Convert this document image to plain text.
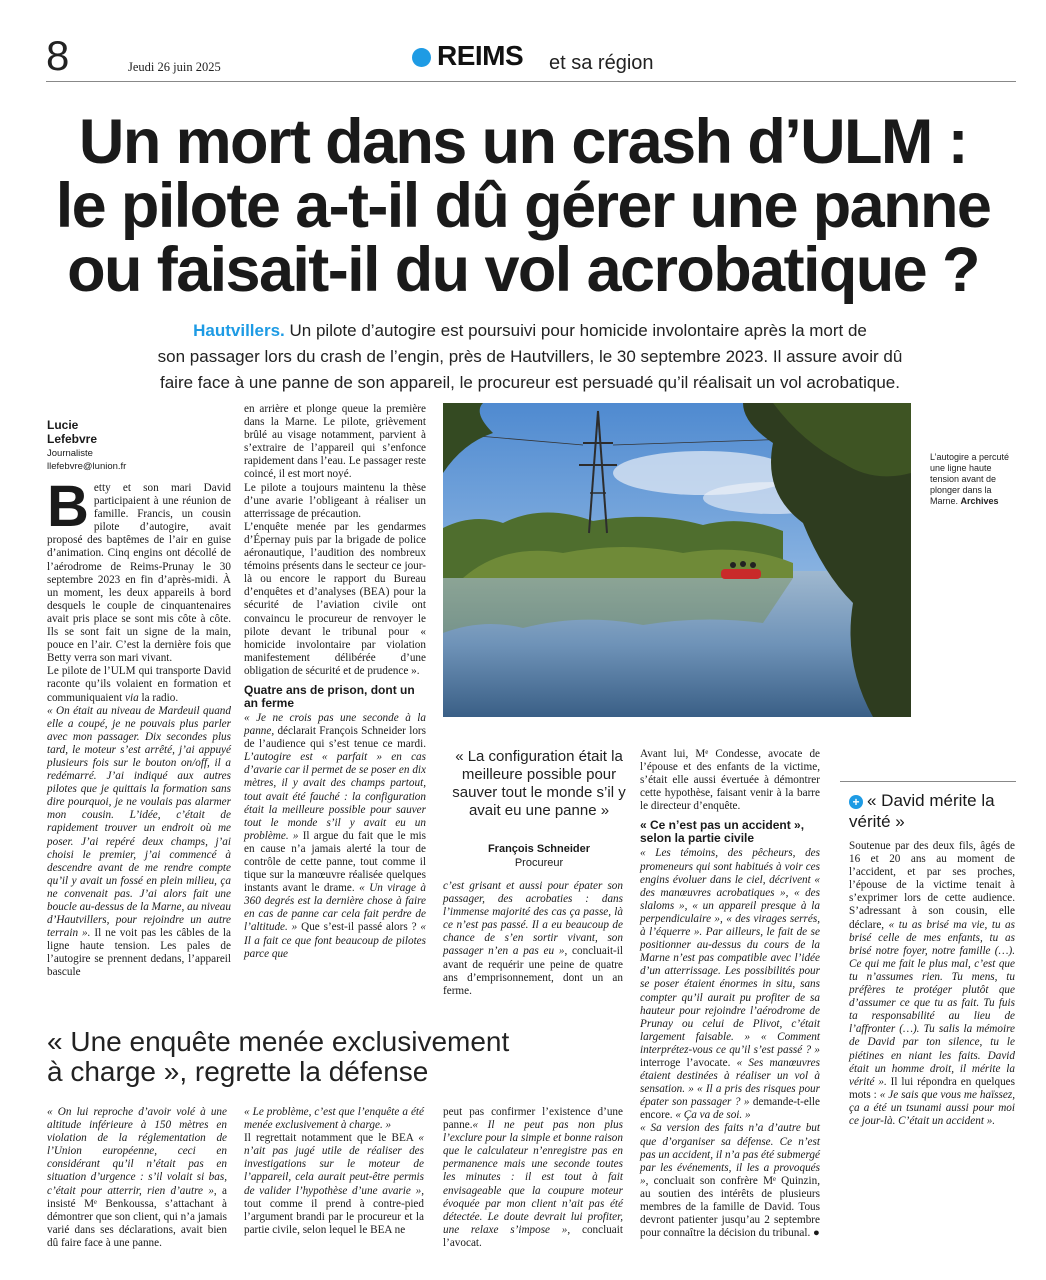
8	Jeudi 26 juin 2025	REIMS et sa région
Un mort dans un crash d’ULM :
le pilote a-t-il dû gérer une panne
ou faisait-il du vol acrobatique ?
Hautvillers. Un pilote d’autogire est poursuivi pour homicide involontaire après la mort de
son passager lors du crash de l’engin, près de Hautvillers, le 30 septembre 2023. Il assure avoir dû
faire face à une panne de son appareil, le procureur est persuadé qu’il réalisait un vol acrobatique.
Lucie
Lefebvre
Journaliste
llefebvre@lunion.fr

Betty et son mari David participaient à une réunion de famille. Francis, un cousin pilote d’autogire, avait proposé des baptêmes de l’air en guise d’animation. Cinq engins ont décollé de l’aérodrome de Reims-Prunay le 30 septembre 2023 en fin d’après-midi. À un moment, les deux appareils à bord desquels le couple de cinquantenaires avait pris place se sont mis côte à côte. Ils se sont fait un signe de la main, pouce en l’air. C’est la dernière fois que Betty verra son mari vivant.

Le pilote de l’ULM qui transporte David raconte qu’ils volaient en formation et communiquaient via la radio.

« On était au niveau de Mardeuil quand elle a coupé, je ne pouvais plus parler avec mon passager. Dix secondes plus tard, le moteur s’est arrêté, j’ai appuyé plusieurs fois sur le bouton on/off, il a redémarré. J’ai indiqué aux autres pilotes que je quittais la formation sans dire pourquoi, je ne voulais pas alarmer mon cousin. L’idée, c’était de rapidement trouver un endroit où me poser. J’ai repéré deux champs, j’ai choisi le premier, j’ai commencé à descendre avant de me rendre compte qu’il y avait un fossé en plein milieu, ça ne convenait pas. J’ai alors fait une boucle au-dessus de la Marne, au niveau d’Hautvillers, pour rejoindre un autre terrain ». Il ne voit pas les câbles de la ligne haute tension. Les pales de l’autogire se prennent dedans, l’appareil bascule

en arrière et plonge queue la première dans la Marne. Le pilote, grièvement brûlé au visage notamment, parvient à s’extraire de l’appareil qui s’enfonce rapidement dans l’eau. Le passager reste coincé, il est mort noyé.

Le pilote a toujours maintenu la thèse d’une avarie l’obligeant à réaliser un atterrissage de précaution.

L’enquête menée par les gendarmes d’Épernay puis par la brigade de police aéronautique, l’audition des nombreux témoins présents dans le secteur ce jour-là ou encore le rapport du Bureau d’enquêtes et d’analyses (BEA) pour la sécurité de l’aviation civile ont convaincu le procureur de renvoyer le pilote devant le tribunal pour « homicide involontaire par violation manifestement délibérée d’une obligation de sécurité et de prudence ».

Quatre ans de prison, dont un an ferme

« Je ne crois pas une seconde à la panne, déclarait François Schneider lors de l’audience qui s’est tenue ce mardi. L’autogire est « parfait » en cas d’avarie car il permet de se poser en dix mètres, il y avait des champs partout, tout avait été fauché : la configuration était la meilleure possible pour sauver tout le monde s’il y avait eu un problème. » Il argue du fait que le mis en cause n’a jamais alerté la tour de contrôle de cette panne, tout comme il tique sur la manœuvre réalisée quelques instants avant le drame. « Un virage à 360 degrés est la dernière chose à faire en cas de panne car cela fait perdre de l’altitude. » Que s’est-il passé alors ? « Il a fait ce que font beaucoup de pilotes parce que

L’autogire a percuté une ligne haute tension avant de plonger dans la Marne. Archives
« La configuration était la meilleure possible pour sauver tout le monde s’il y avait eu une panne »
François Schneider
Procureur

c’est grisant et aussi pour épater son passager, des acrobaties : dans l’immense majorité des cas ça passe, là ce n’est pas passé. Il a eu beaucoup de chance de s’en sortir vivant, son passager n’en a pas eu », concluait-il avant de requérir une peine de quatre ans d’emprisonnement, dont un an ferme.

Avant lui, Mᵉ Condesse, avocate de l’épouse et des enfants de la victime, s’était elle aussi évertuée à démontrer cette hypothèse, faisant venir à la barre le directeur d’enquête.

« Ce n’est pas un accident », selon la partie civile

« Les témoins, des pêcheurs, des promeneurs qui sont habitués à voir ces engins évoluer dans le ciel, décrivent « des manœuvres acrobatiques », « des slaloms », « un appareil presque à la perpendiculaire », « des virages serrés, à l’équerre ». Par ailleurs, le fait de se positionner au-dessus du cours de la Marne n’est pas compatible avec l’idée d’un atterrissage. Les possibilités pour se poser étaient énormes in situ, sans compter qu’il aurait pu profiter de sa hauteur pour rejoindre l’aérodrome de Prunay ou celui de Plivot, c’était largement faisable. » « Comment interprétez-vous ce qu’il s’est passé ? » interroge l’avocate. « Ses manœuvres étaient destinées à réaliser un vol à sensation. » « Il a pris des risques pour épater son passager ? » demande-t-elle encore. « Ça va de soi. »

« Sa version des faits n’a d’autre but que d’organiser sa défense. Ce n’est pas un accident, il n’a pas été submergé par les événements, il les a provoqués », concluait son confrère Mᵉ Quinzin, au soutien des intérêts de plusieurs membres de la famille de David. Tous devront patienter jusqu’au 2 septembre pour connaître la décision du tribunal. ●

« David mérite la vérité »
+

Soutenue par des deux fils, âgés de 16 et 20 ans au moment de l’accident, et par ses proches, l’épouse de la victime tenait à s’exprimer lors de cette audience. S’adressant à son cousin, elle déclare, « tu as brisé ma vie, tu as brisé celle de mes enfants, tu as brisé notre foyer, notre famille (…). Ce qui me fait le plus mal, c’est que tu n’assumes rien. Tu mens, tu préfères te protéger plutôt que d’assumer ce que tu as fait. Tu fuis ta responsabilité au lieu de l’affronter (…). Tu salis la mémoire de David par ton silence, tu le piétines en niant les faits. David était un homme droit, il mérite la vérité ». Il lui répondra en quelques mots : « Je sais que vous me haïssez, ça a été un tsunami aussi pour moi ce jour-là. C’était un accident ».

« Une enquête menée exclusivement
à charge », regrette la défense

« On lui reproche d’avoir volé à une altitude inférieure à 150 mètres en violation de la réglementation de l’Union européenne, ceci en considérant qu’il n’était pas en situation d’urgence : s’il volait si bas, c’était pour atterrir, rien d’autre », a insisté Mᵉ Benkoussa, s’attachant à démontrer que son client, qui n’a jamais varié dans ses déclarations, avait bien dû faire face à une panne.

« Le problème, c’est que l’enquête a été menée exclusivement à charge. »

Il regrettait notamment que le BEA « n’ait pas jugé utile de réaliser des investigations sur le moteur de l’appareil, cela aurait peut-être permis de valider l’hypothèse d’une avarie », tout comme il prend à contre-pied l’argument brandi par le procureur et la partie civile, selon lequel le BEA ne

peut pas confirmer l’existence d’une panne.« Il ne peut pas non plus l’exclure pour la simple et bonne raison que le calculateur n’enregistre pas en permanence mais une seconde toutes les minutes : il est tout à fait envisageable que la coupure moteur évoquée par mon client n’ait pas été détectée. Le doute devrait lui profiter, une relaxe s’impose », concluait l’avocat.
